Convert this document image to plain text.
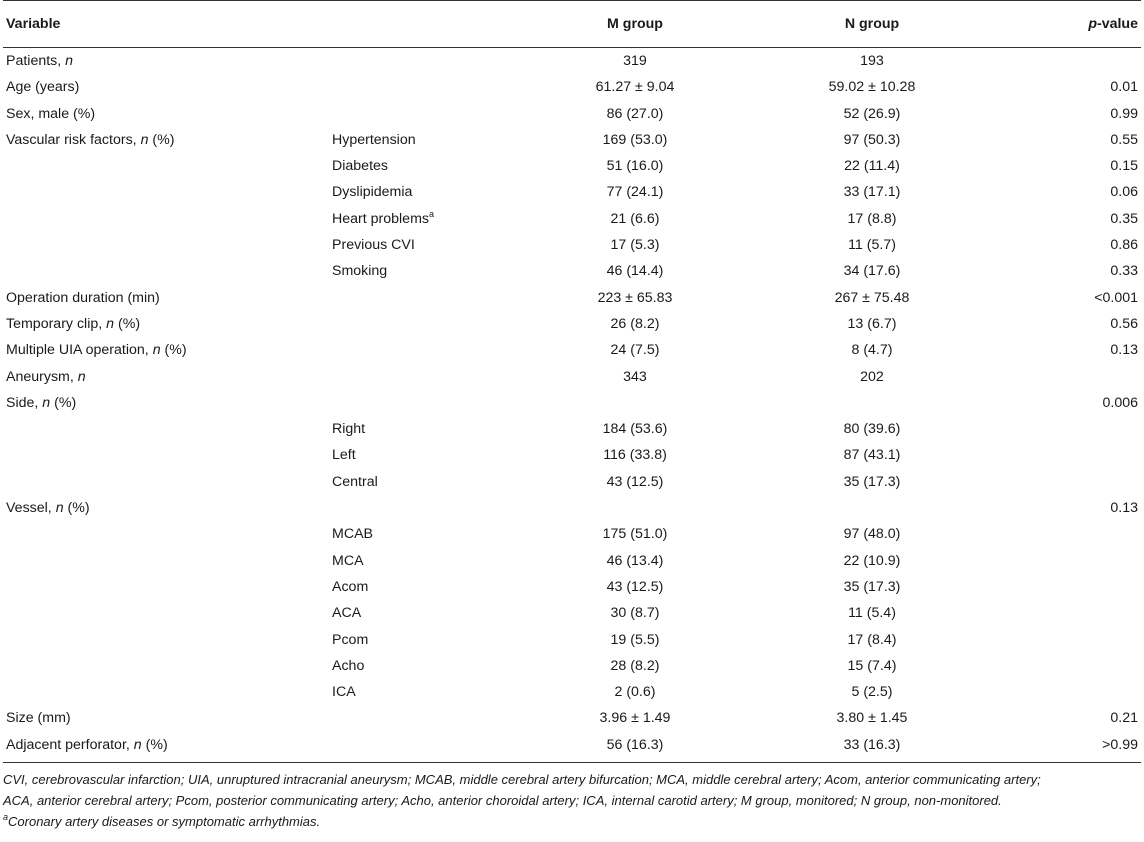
Variable		M group	N group	p-value
Patients, n		319	193	
Age (years)		61.27 ± 9.04	59.02 ± 10.28	0.01
Sex, male (%)		86 (27.0)	52 (26.9)	0.99
Vascular risk factors, n (%)	Hypertension	169 (53.0)	97 (50.3)	0.55
	Diabetes	51 (16.0)	22 (11.4)	0.15
	Dyslipidemia	77 (24.1)	33 (17.1)	0.06
	Heart problems$^a$	21 (6.6)	17 (8.8)	0.35
	Previous CVI	17 (5.3)	11 (5.7)	0.86
	Smoking	46 (14.4)	34 (17.6)	0.33
Operation duration (min)		223 ± 65.83	267 ± 75.48	<0.001
Temporary clip, n (%)		26 (8.2)	13 (6.7)	0.56
Multiple UIA operation, n (%)		24 (7.5)	8 (4.7)	0.13
Aneurysm, n		343	202	
Side, n (%)				0.006
	Right	184 (53.6)	80 (39.6)	
	Left	116 (33.8)	87 (43.1)	
	Central	43 (12.5)	35 (17.3)	
Vessel, n (%)				0.13
	MCAB	175 (51.0)	97 (48.0)	
	MCA	46 (13.4)	22 (10.9)	
	Acom	43 (12.5)	35 (17.3)	
	ACA	30 (8.7)	11 (5.4)	
	Pcom	19 (5.5)	17 (8.4)	
	Acho	28 (8.2)	15 (7.4)	
	ICA	2 (0.6)	5 (2.5)	
Size (mm)		3.96 ± 1.49	3.80 ± 1.45	0.21
Adjacent perforator, n (%)		56 (16.3)	33 (16.3)	>0.99
CVI, cerebrovascular infarction; UIA, unruptured intracranial aneurysm; MCAB, middle cerebral artery bifurcation; MCA, middle cerebral artery; Acom, anterior communicating artery;
ACA, anterior cerebral artery; Pcom, posterior communicating artery; Acho, anterior choroidal artery; ICA, internal carotid artery; M group, monitored; N group, non-monitored.
$^a$Coronary artery diseases or symptomatic arrhythmias.
